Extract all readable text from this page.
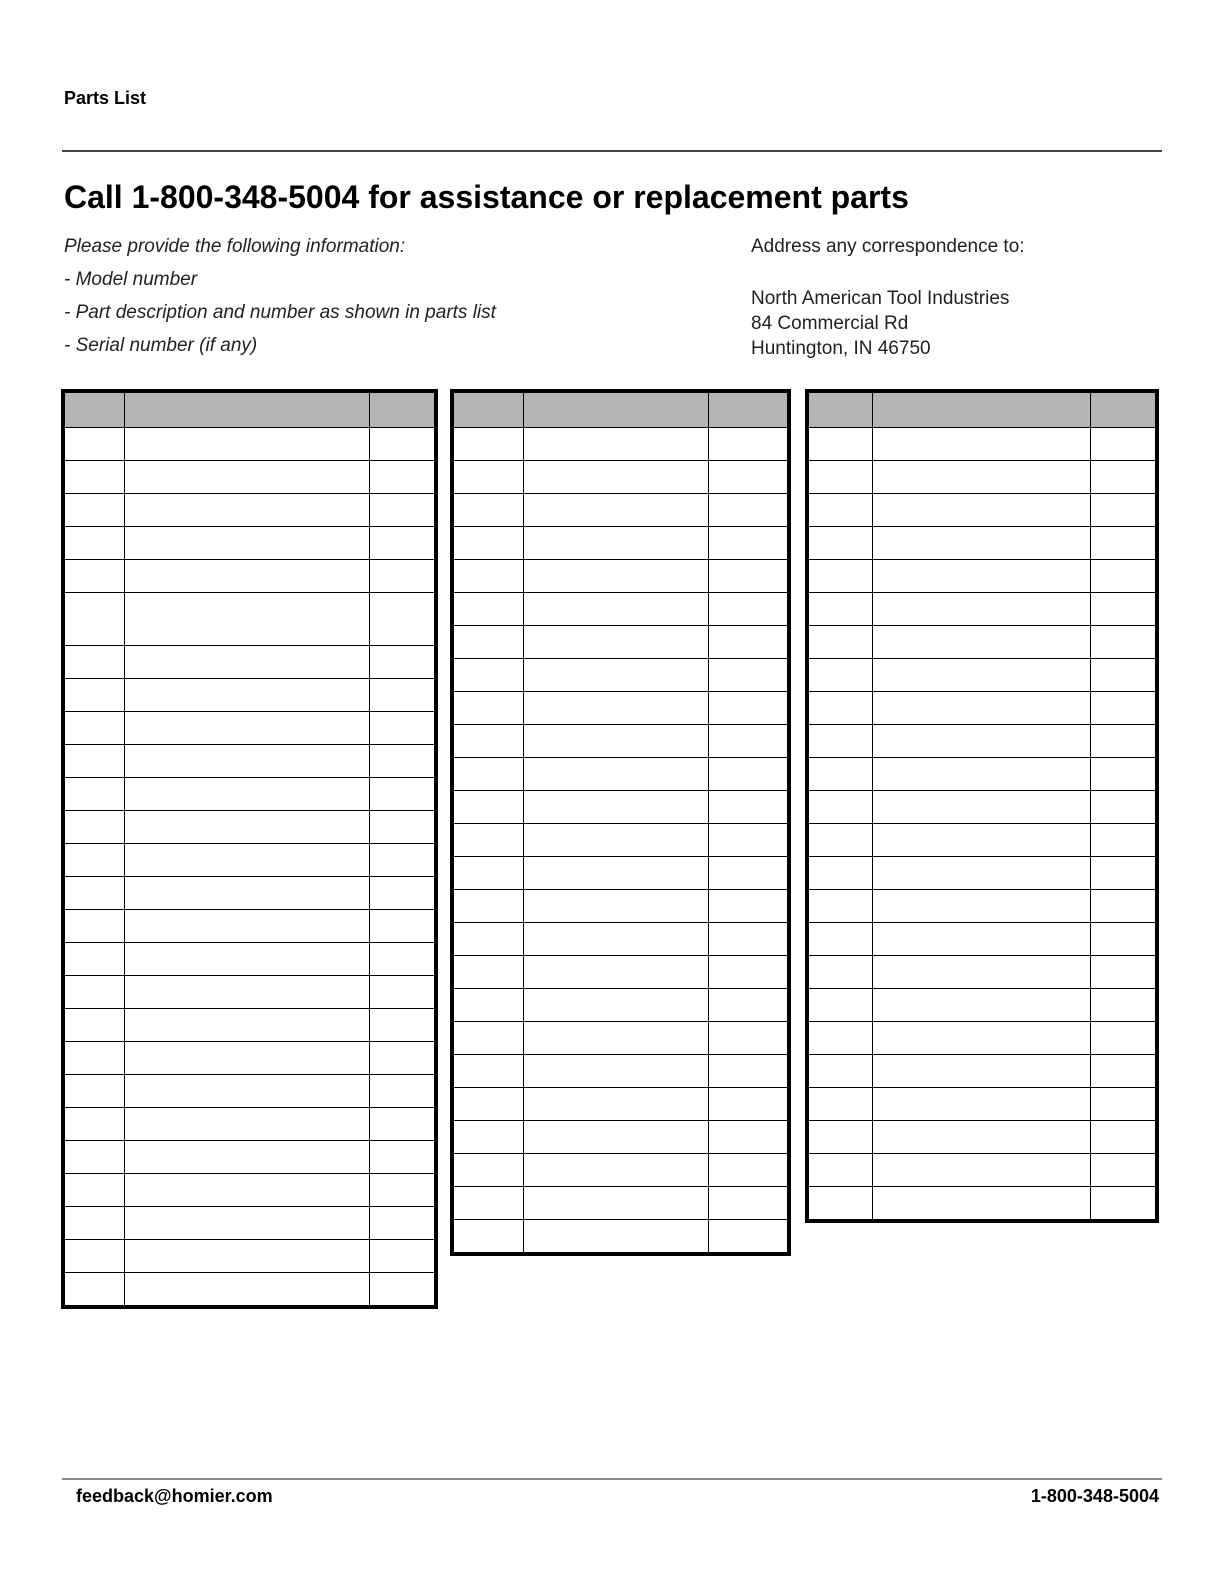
Parts List
Call 1-800-348-5004 for assistance or replacement parts
Please provide the following information:
- Model number
- Part description and number as shown in parts list
- Serial number (if any)
Address any correspondence to:
North American Tool Industries
84 Commercial Rd
Huntington, IN 46750

feedback@homier.com	1-800-348-5004
